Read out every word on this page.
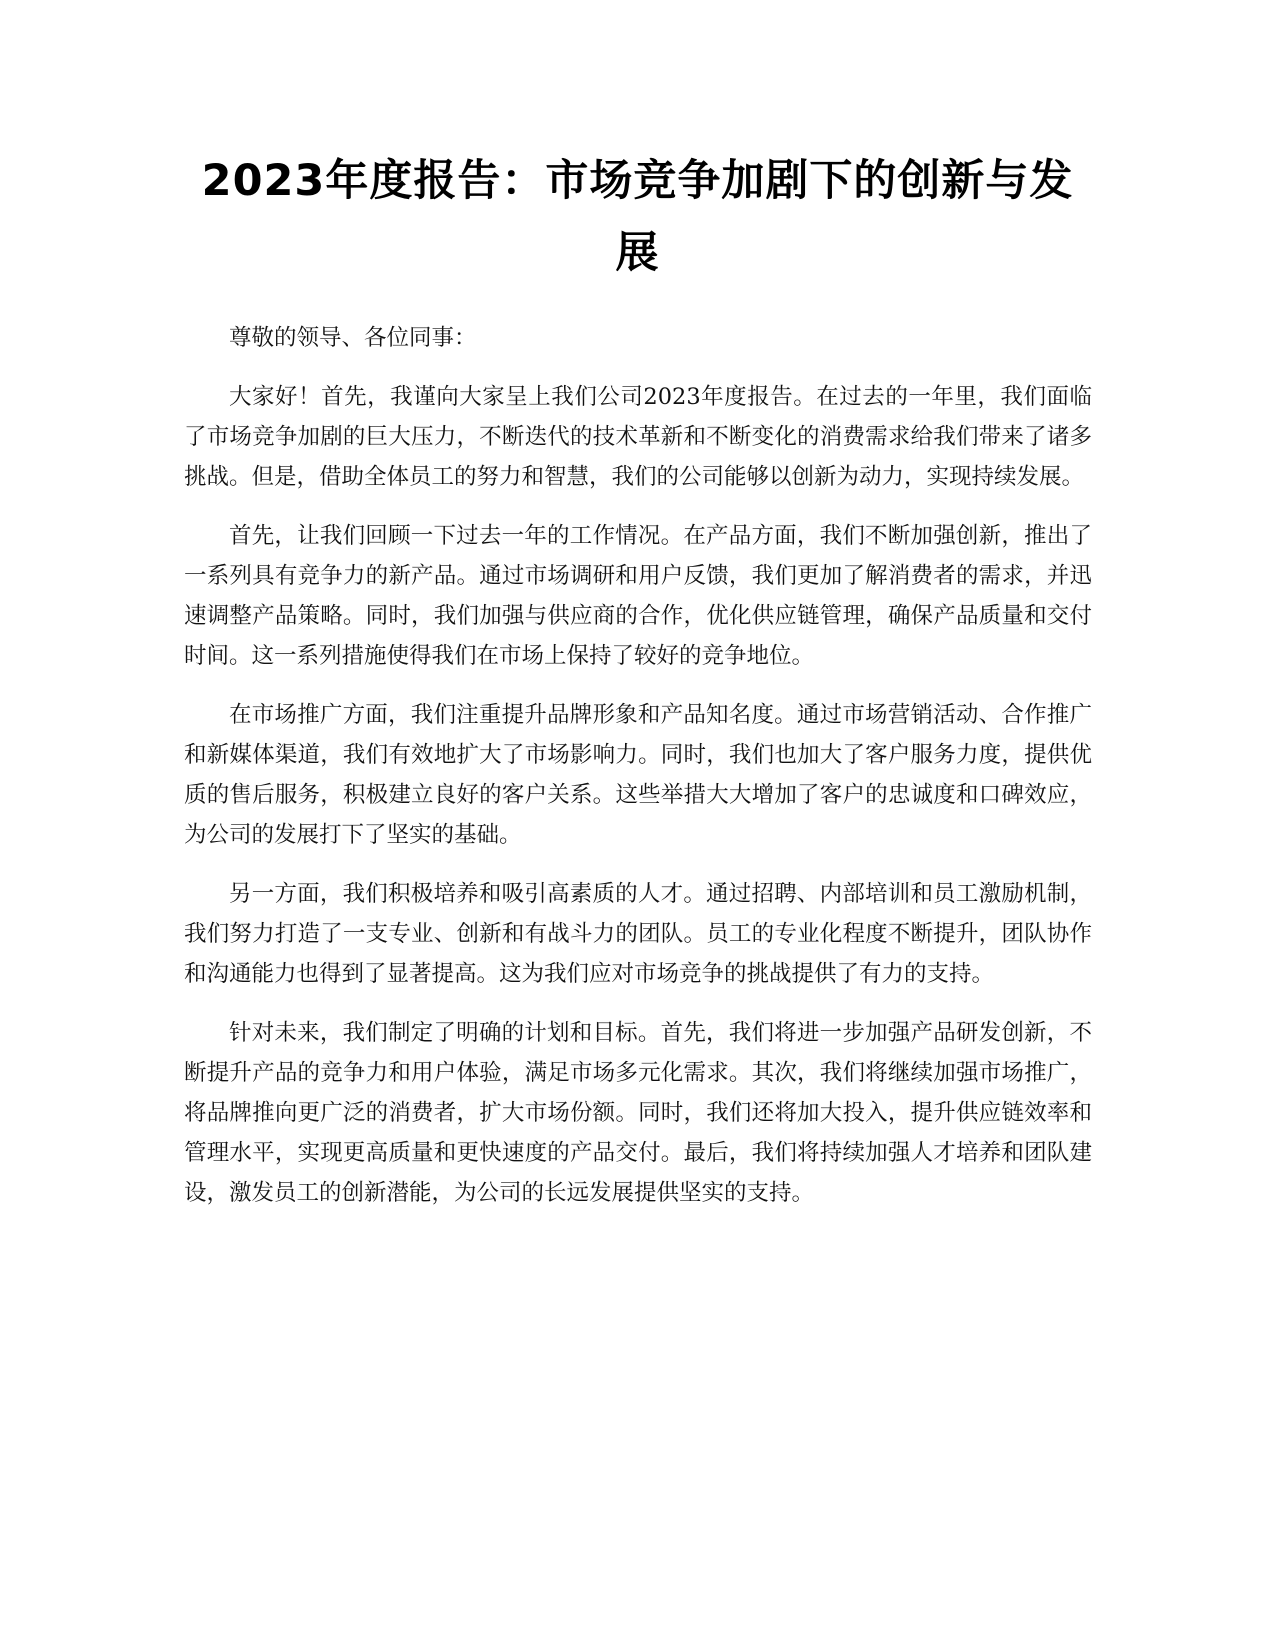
2023年度报告：市场竞争加剧下的创新与发展

尊敬的领导、各位同事：

大家好！首先，我谨向大家呈上我们公司2023年度报告。在过去的一年里，我们面临了市场竞争加剧的巨大压力，不断迭代的技术革新和不断变化的消费需求给我们带来了诸多挑战。但是，借助全体员工的努力和智慧，我们的公司能够以创新为动力，实现持续发展。

首先，让我们回顾一下过去一年的工作情况。在产品方面，我们不断加强创新，推出了一系列具有竞争力的新产品。通过市场调研和用户反馈，我们更加了解消费者的需求，并迅速调整产品策略。同时，我们加强与供应商的合作，优化供应链管理，确保产品质量和交付时间。这一系列措施使得我们在市场上保持了较好的竞争地位。

在市场推广方面，我们注重提升品牌形象和产品知名度。通过市场营销活动、合作推广和新媒体渠道，我们有效地扩大了市场影响力。同时，我们也加大了客户服务力度，提供优质的售后服务，积极建立良好的客户关系。这些举措大大增加了客户的忠诚度和口碑效应，为公司的发展打下了坚实的基础。

另一方面，我们积极培养和吸引高素质的人才。通过招聘、内部培训和员工激励机制，我们努力打造了一支专业、创新和有战斗力的团队。员工的专业化程度不断提升，团队协作和沟通能力也得到了显著提高。这为我们应对市场竞争的挑战提供了有力的支持。

针对未来，我们制定了明确的计划和目标。首先，我们将进一步加强产品研发创新，不断提升产品的竞争力和用户体验，满足市场多元化需求。其次，我们将继续加强市场推广，将品牌推向更广泛的消费者，扩大市场份额。同时，我们还将加大投入，提升供应链效率和管理水平，实现更高质量和更快速度的产品交付。最后，我们将持续加强人才培养和团队建设，激发员工的创新潜能，为公司的长远发展提供坚实的支持。
